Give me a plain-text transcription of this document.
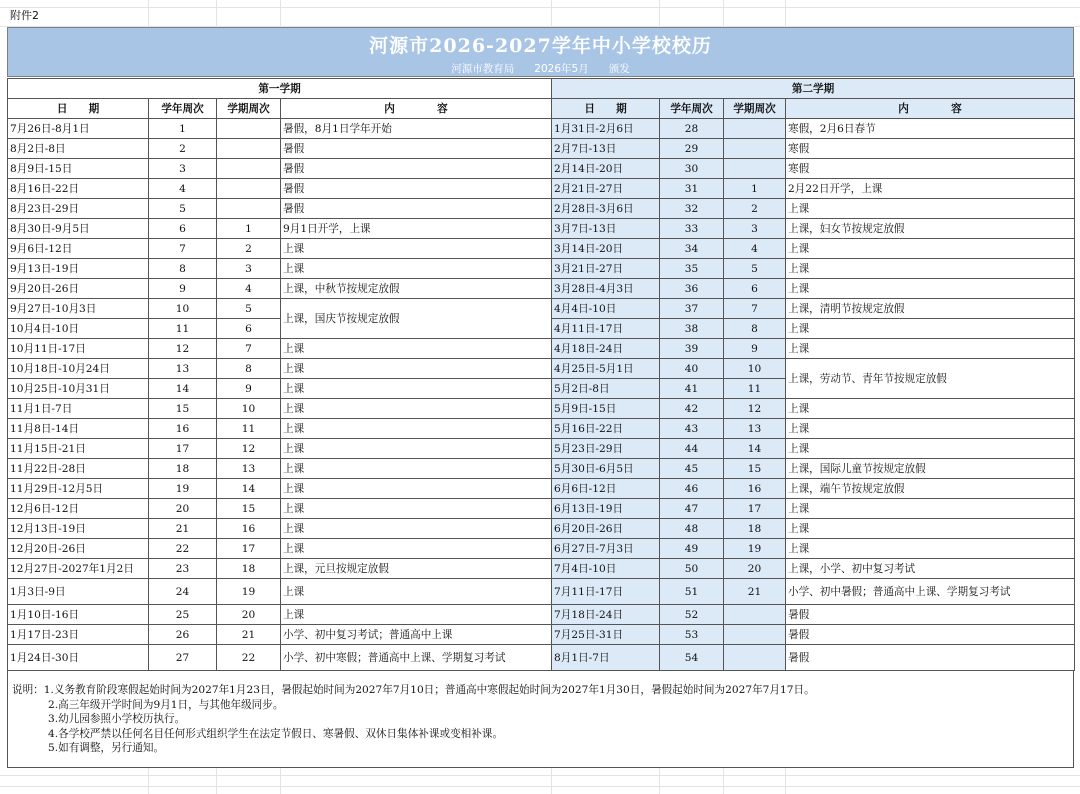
附件2
河源市2026-2027学年中小学校校历
河源市教育局 2026年5月 颁发
第一学期				第二学期			
日　　期	学年周次	学期周次	内　　　　容	日　　期	学年周次	学期周次	内　　　　容
7月26日-8月1日	1		暑假，8月1日学年开始	1月31日-2月6日	28		寒假，2月6日春节
8月2日-8日	2		暑假	2月7日-13日	29		寒假
8月9日-15日	3		暑假	2月14日-20日	30		寒假
8月16日-22日	4		暑假	2月21日-27日	31	1	2月22日开学，上课
8月23日-29日	5		暑假	2月28日-3月6日	32	2	上课
8月30日-9月5日	6	1	9月1日开学，上课	3月7日-13日	33	3	上课，妇女节按规定放假
9月6日-12日	7	2	上课	3月14日-20日	34	4	上课
9月13日-19日	8	3	上课	3月21日-27日	35	5	上课
9月20日-26日	9	4	上课，中秋节按规定放假	3月28日-4月3日	36	6	上课
9月27日-10月3日	10	5	上课，国庆节按规定放假	4月4日-10日	37	7	上课，清明节按规定放假
10月4日-10日	11	6		4月11日-17日	38	8	上课
10月11日-17日	12	7	上课	4月18日-24日	39	9	上课
10月18日-10月24日	13	8	上课	4月25日-5月1日	40	10	上课，劳动节、青年节按规定放假
10月25日-10月31日	14	9	上课	5月2日-8日	41	11	
11月1日-7日	15	10	上课	5月9日-15日	42	12	上课
11月8日-14日	16	11	上课	5月16日-22日	43	13	上课
11月15日-21日	17	12	上课	5月23日-29日	44	14	上课
11月22日-28日	18	13	上课	5月30日-6月5日	45	15	上课，国际儿童节按规定放假
11月29日-12月5日	19	14	上课	6月6日-12日	46	16	上课，端午节按规定放假
12月6日-12日	20	15	上课	6月13日-19日	47	17	上课
12月13日-19日	21	16	上课	6月20日-26日	48	18	上课
12月20日-26日	22	17	上课	6月27日-7月3日	49	19	上课
12月27日-2027年1月2日	23	18	上课，元旦按规定放假	7月4日-10日	50	20	上课，小学、初中复习考试
1月3日-9日	24	19	上课	7月11日-17日	51	21	小学、初中暑假；普通高中上课、学期复习考试
1月10日-16日	25	20	上课	7月18日-24日	52		暑假
1月17日-23日	26	21	小学、初中复习考试；普通高中上课	7月25日-31日	53		暑假
1月24日-30日	27	22	小学、初中寒假；普通高中上课、学期复习考试	8月1日-7日	54		暑假
说明：1.义务教育阶段寒假起始时间为2027年1月23日，暑假起始时间为2027年7月10日；普通高中寒假起始时间为2027年1月30日，暑假起始时间为2027年7月17日。
2.高三年级开学时间为9月1日，与其他年级同步。
3.幼儿园参照小学校历执行。
4.各学校严禁以任何名目任何形式组织学生在法定节假日、寒暑假、双休日集体补课或变相补课。
5.如有调整，另行通知。
